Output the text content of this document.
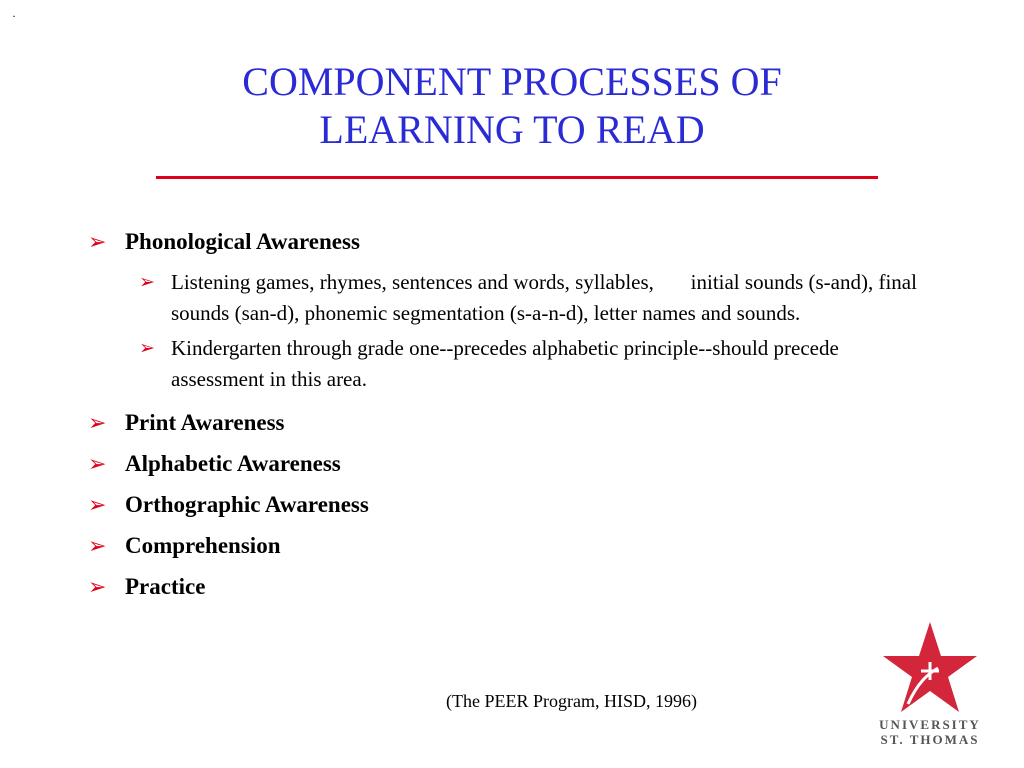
·
COMPONENT PROCESSES OF
LEARNING TO READ
➢ Phonological Awareness
➢ Listening games, rhymes, sentences and words, syllables,       initial sounds (s-and), final sounds (san-d), phonemic segmentation (s-a-n-d), letter names and sounds.
➢ Kindergarten through grade one--precedes alphabetic principle--should precede assessment in this area.
➢ Print Awareness
➢ Alphabetic Awareness
➢ Orthographic Awareness
➢ Comprehension
➢ Practice
(The PEER Program, HISD, 1996)
UNIVERSITY
ST. THOMAS
